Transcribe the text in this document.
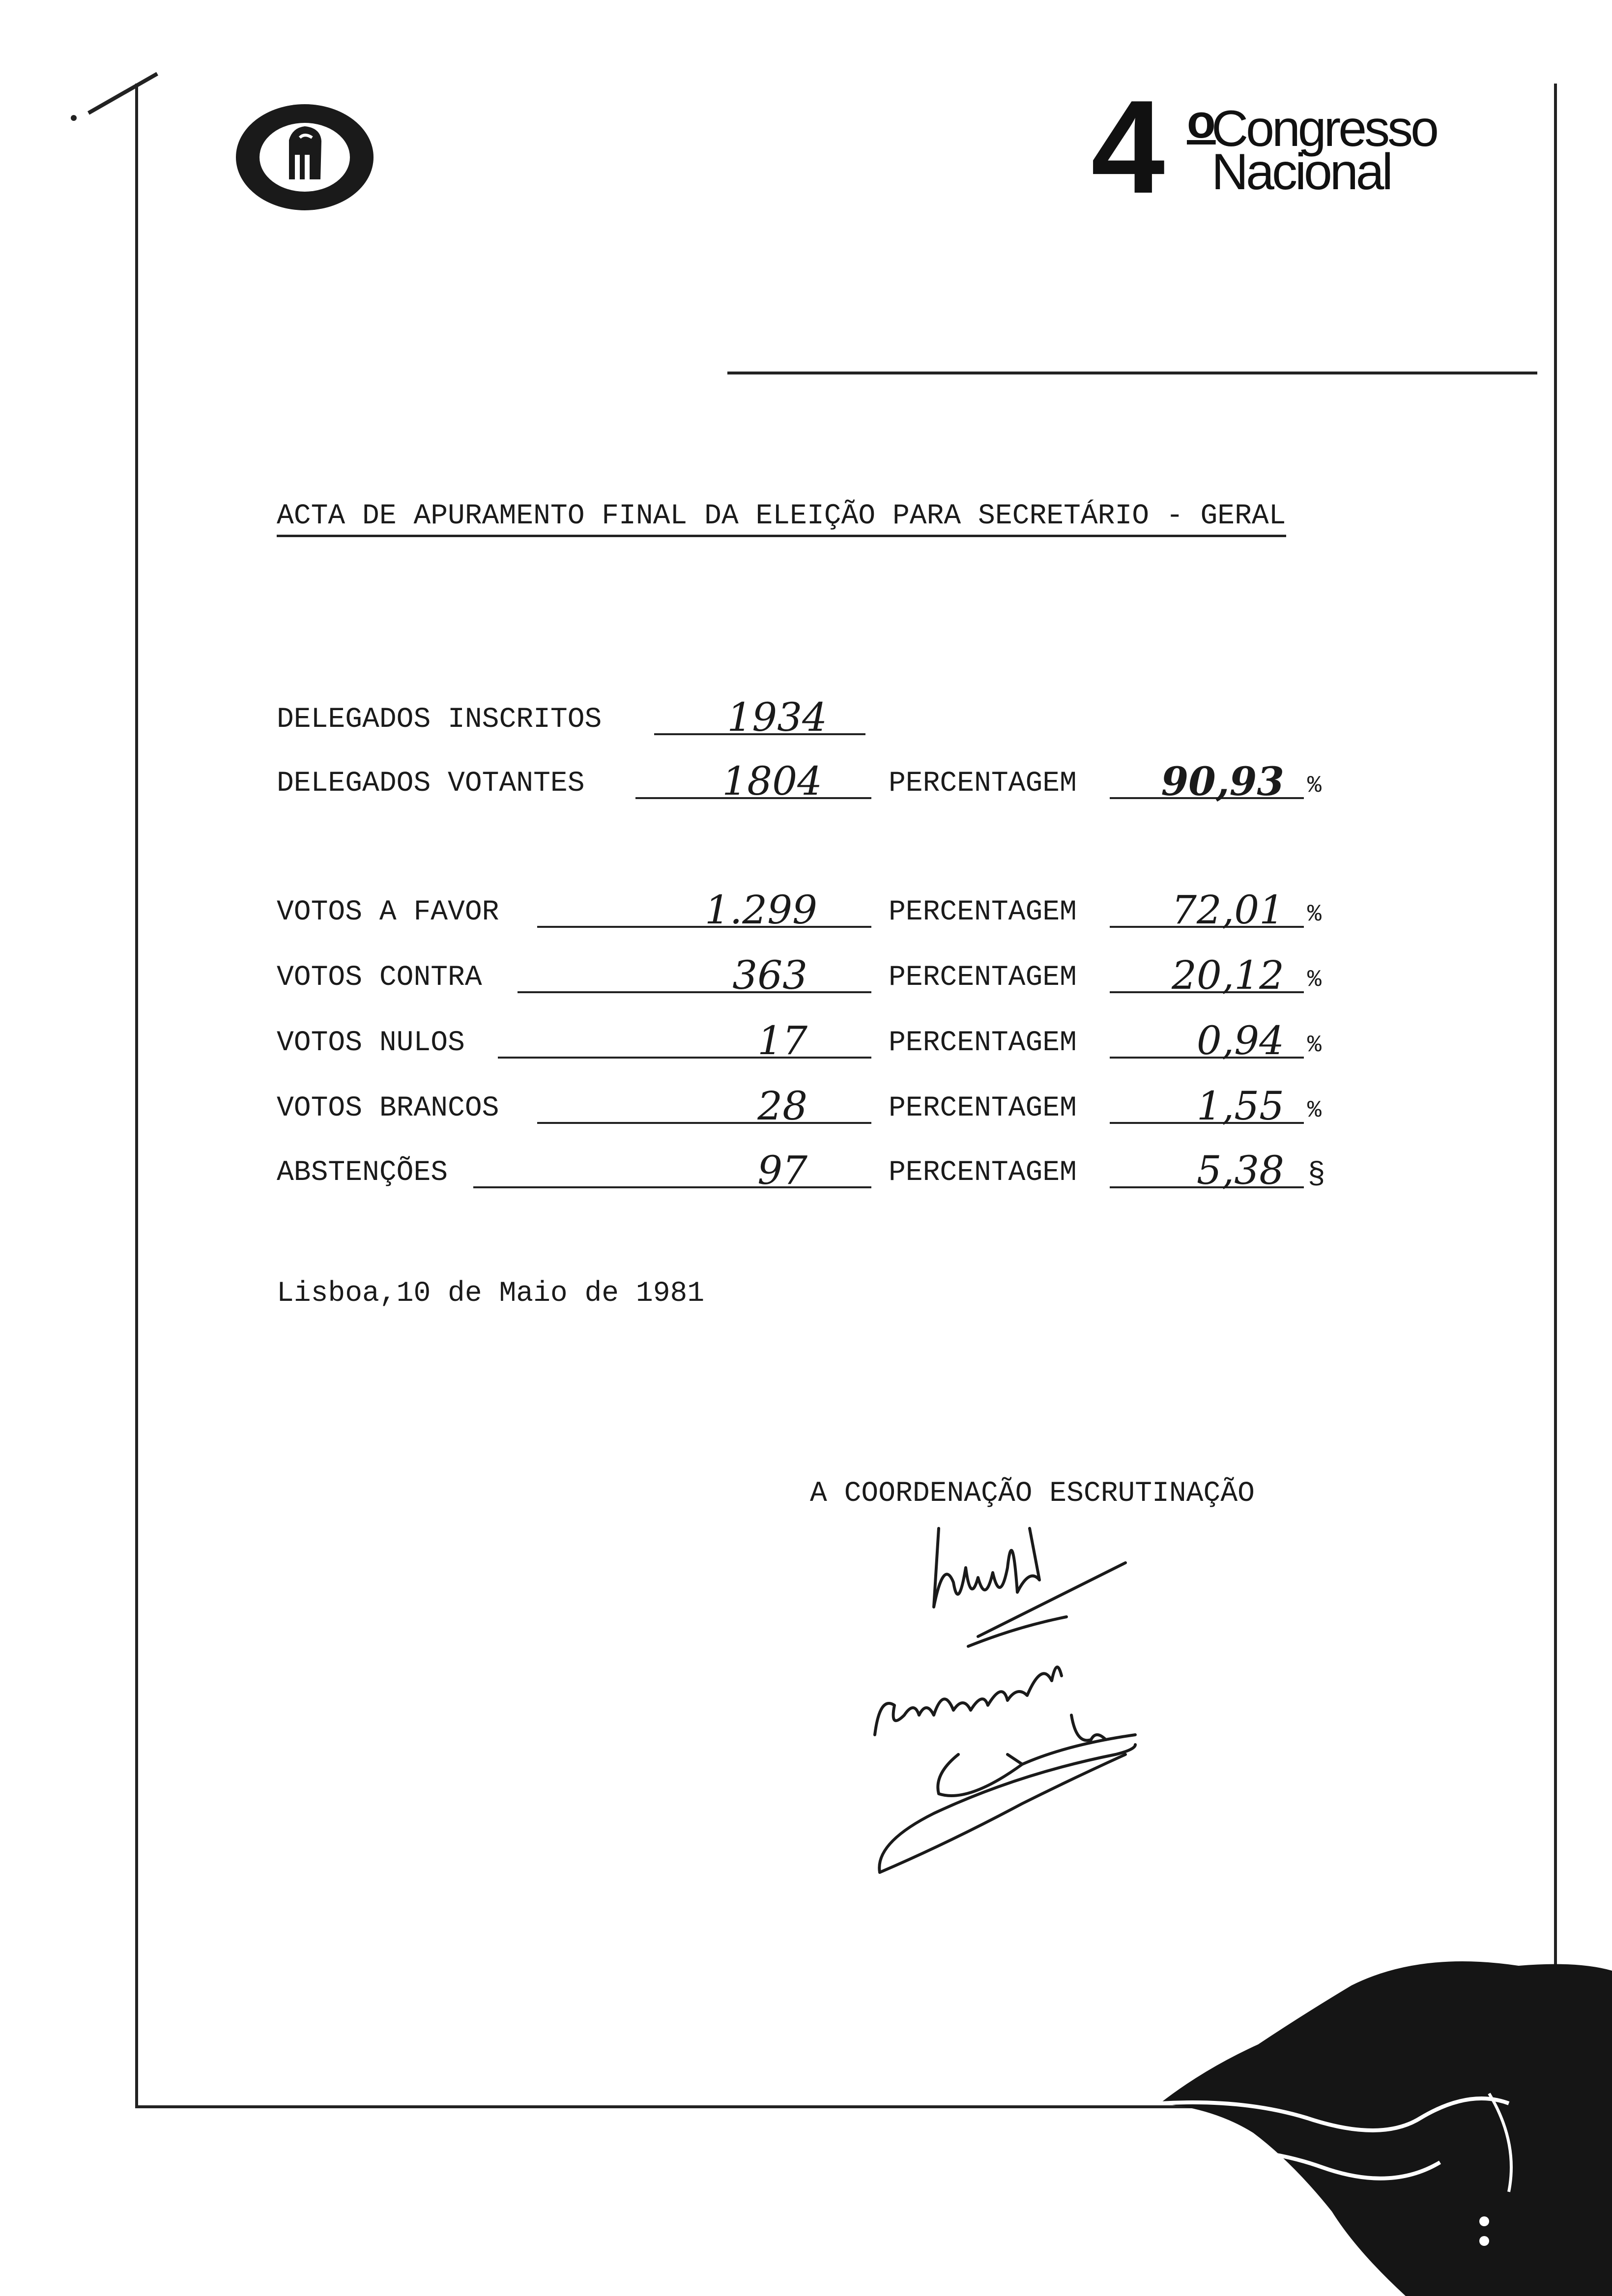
4 o
Congresso
Nacional
ACTA DE APURAMENTO FINAL DA ELEIÇÃO PARA SECRETÁRIO - GERAL
DELEGADOS INSCRITOS	1934
DELEGADOS VOTANTES	1804 PERCENTAGEM	90,93 %
VOTOS A FAVOR	1.299	PERCENTAGEM	72,01 %
VOTOS CONTRA	363	PERCENTAGEM	20,12 %
VOTOS NULOS	17	PERCENTAGEM	0,94 %
VOTOS BRANCOS	28	PERCENTAGEM	1,55 %
ABSTENÇÕES	97	PERCENTAGEM	5,38 §
Lisboa,10 de Maio de 1981
A COORDENAÇÃO ESCRUTINAÇÃO
